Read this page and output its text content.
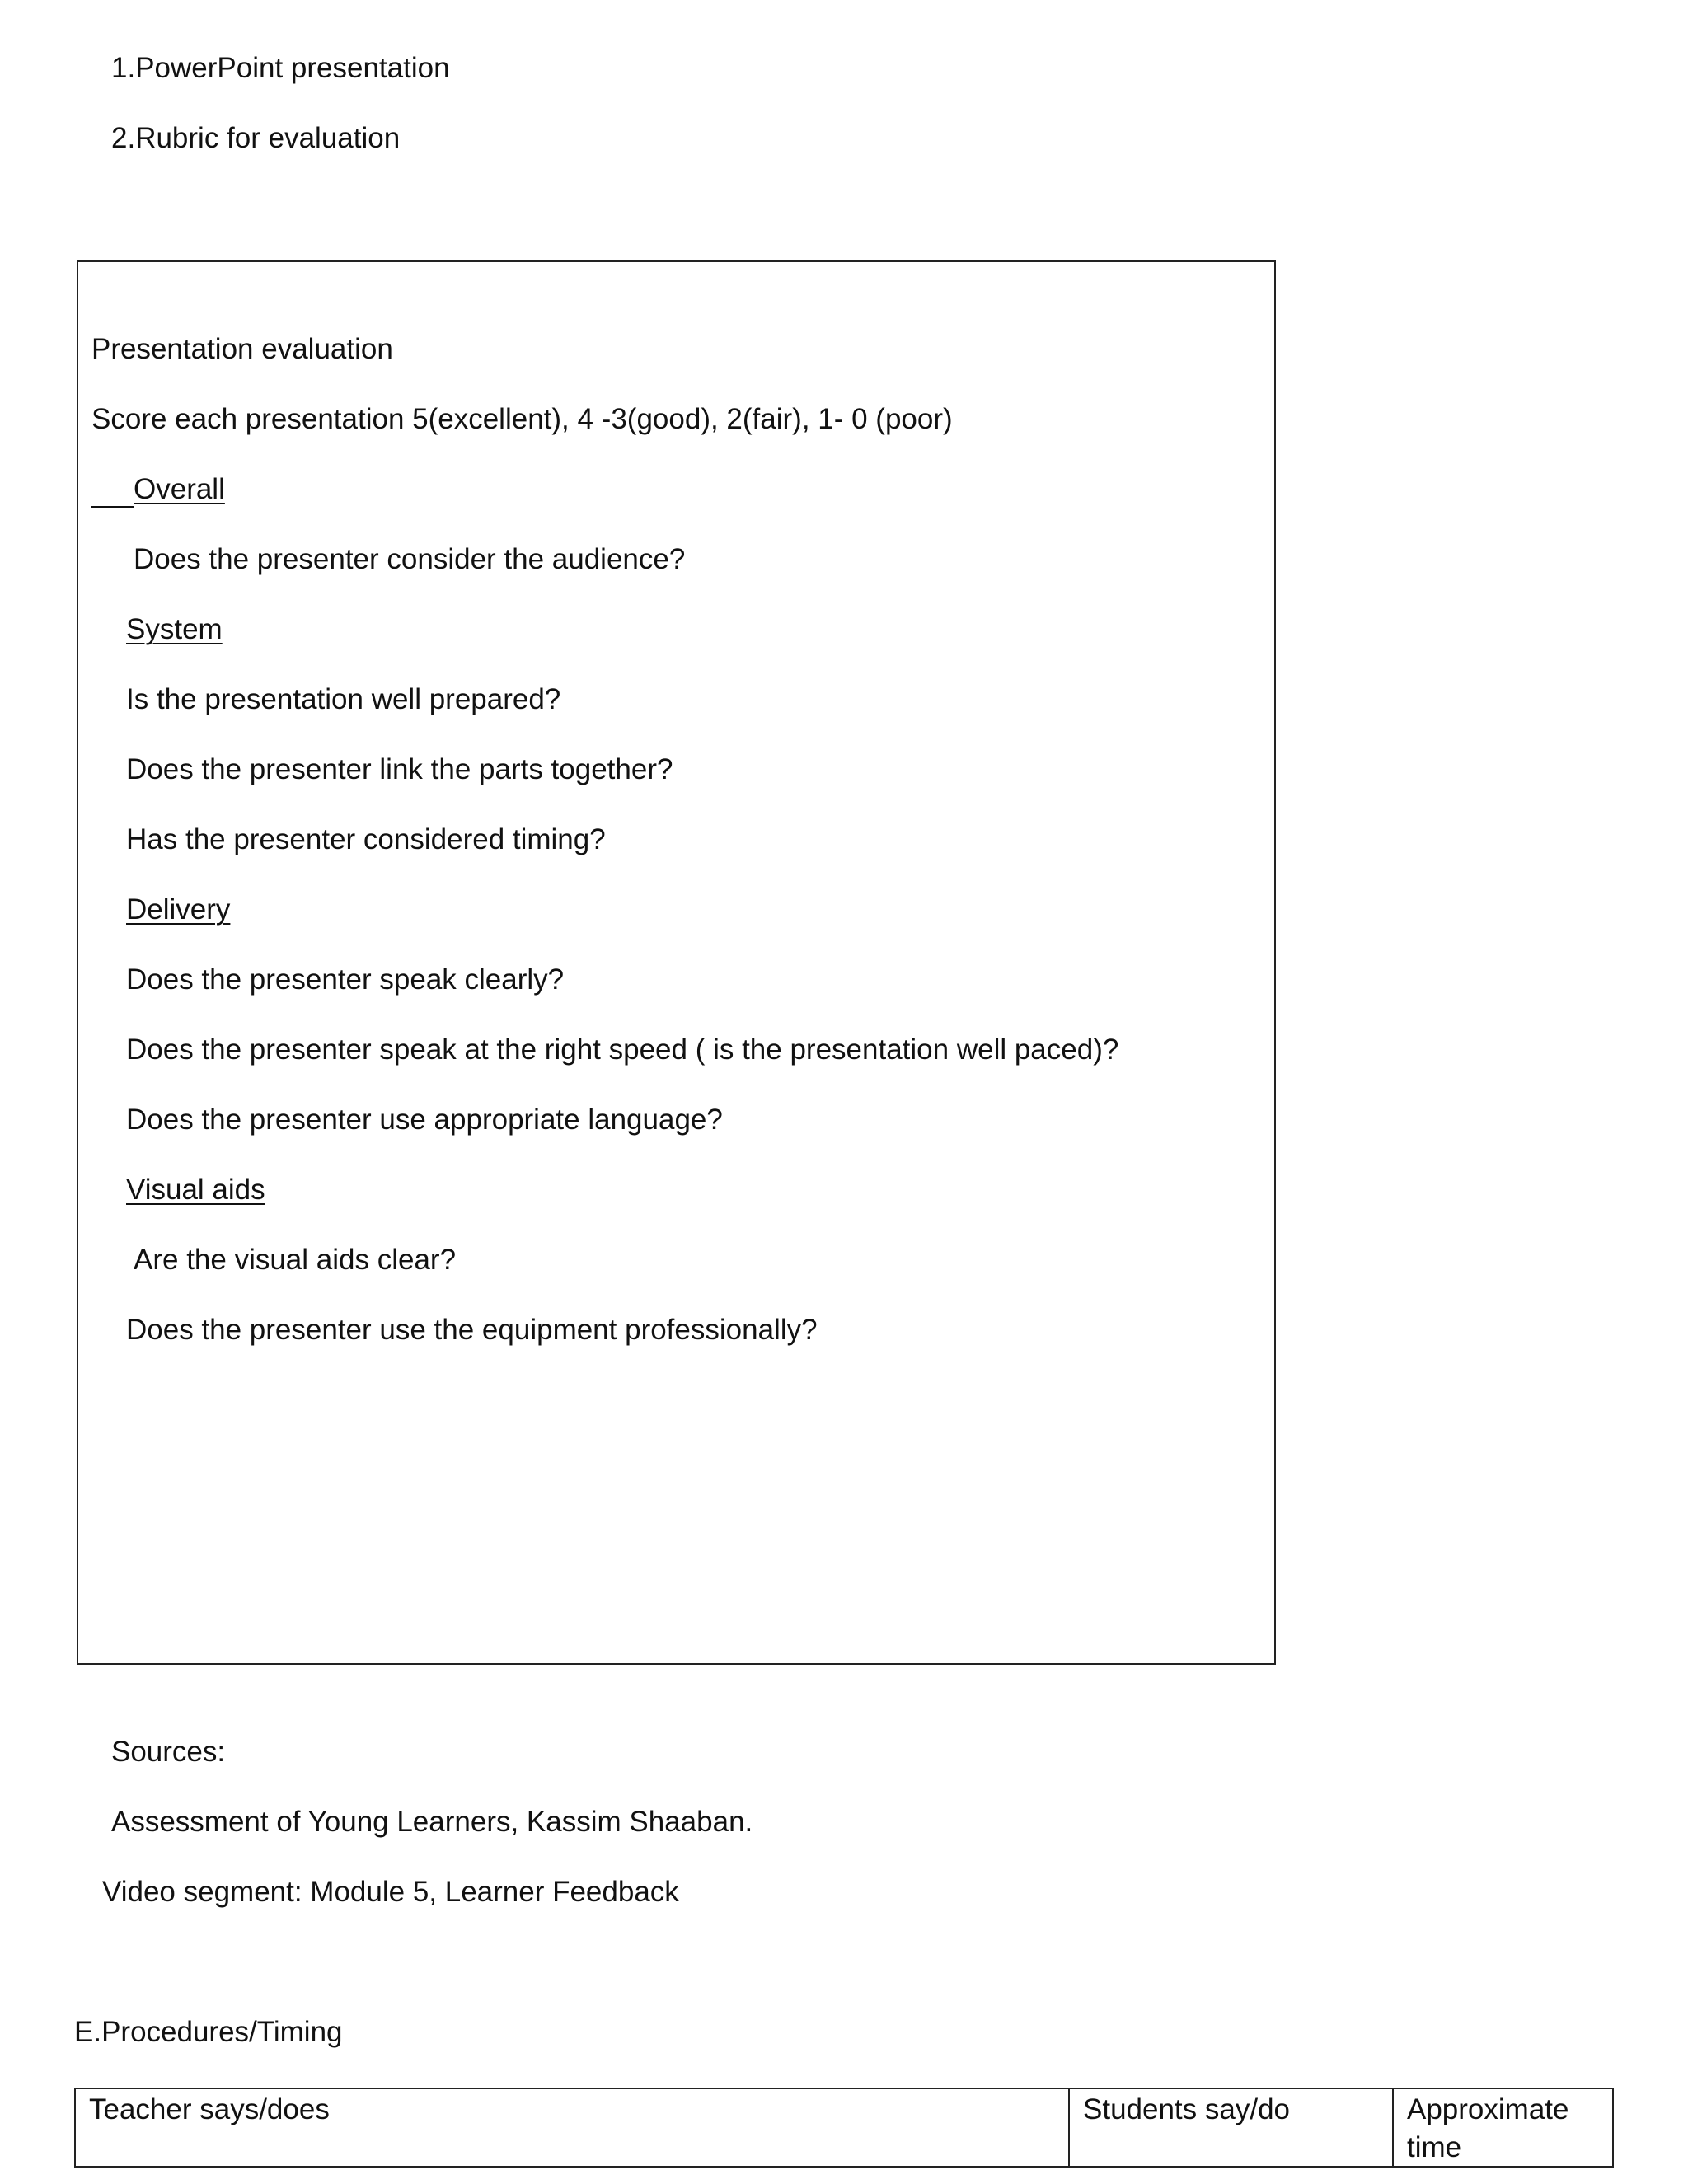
1.PowerPoint presentation
2.Rubric for evaluation
Presentation evaluation
Score each presentation 5(excellent), 4 -3(good), 2(fair), 1- 0 (poor)
Overall
Does the presenter consider the audience?
System
Is the presentation well prepared?
Does the presenter link the parts together?
Has the presenter considered timing?
Delivery
Does the presenter speak clearly?
Does the presenter speak at the right speed ( is the presentation well paced)?
Does the presenter use appropriate language?
Visual aids
Are the visual aids clear?
Does the presenter use the equipment professionally?
Sources:
Assessment of Young Learners, Kassim Shaaban.
Video segment: Module 5, Learner Feedback
E.Procedures/Timing
Teacher says/does	Students say/do	Approximate time
